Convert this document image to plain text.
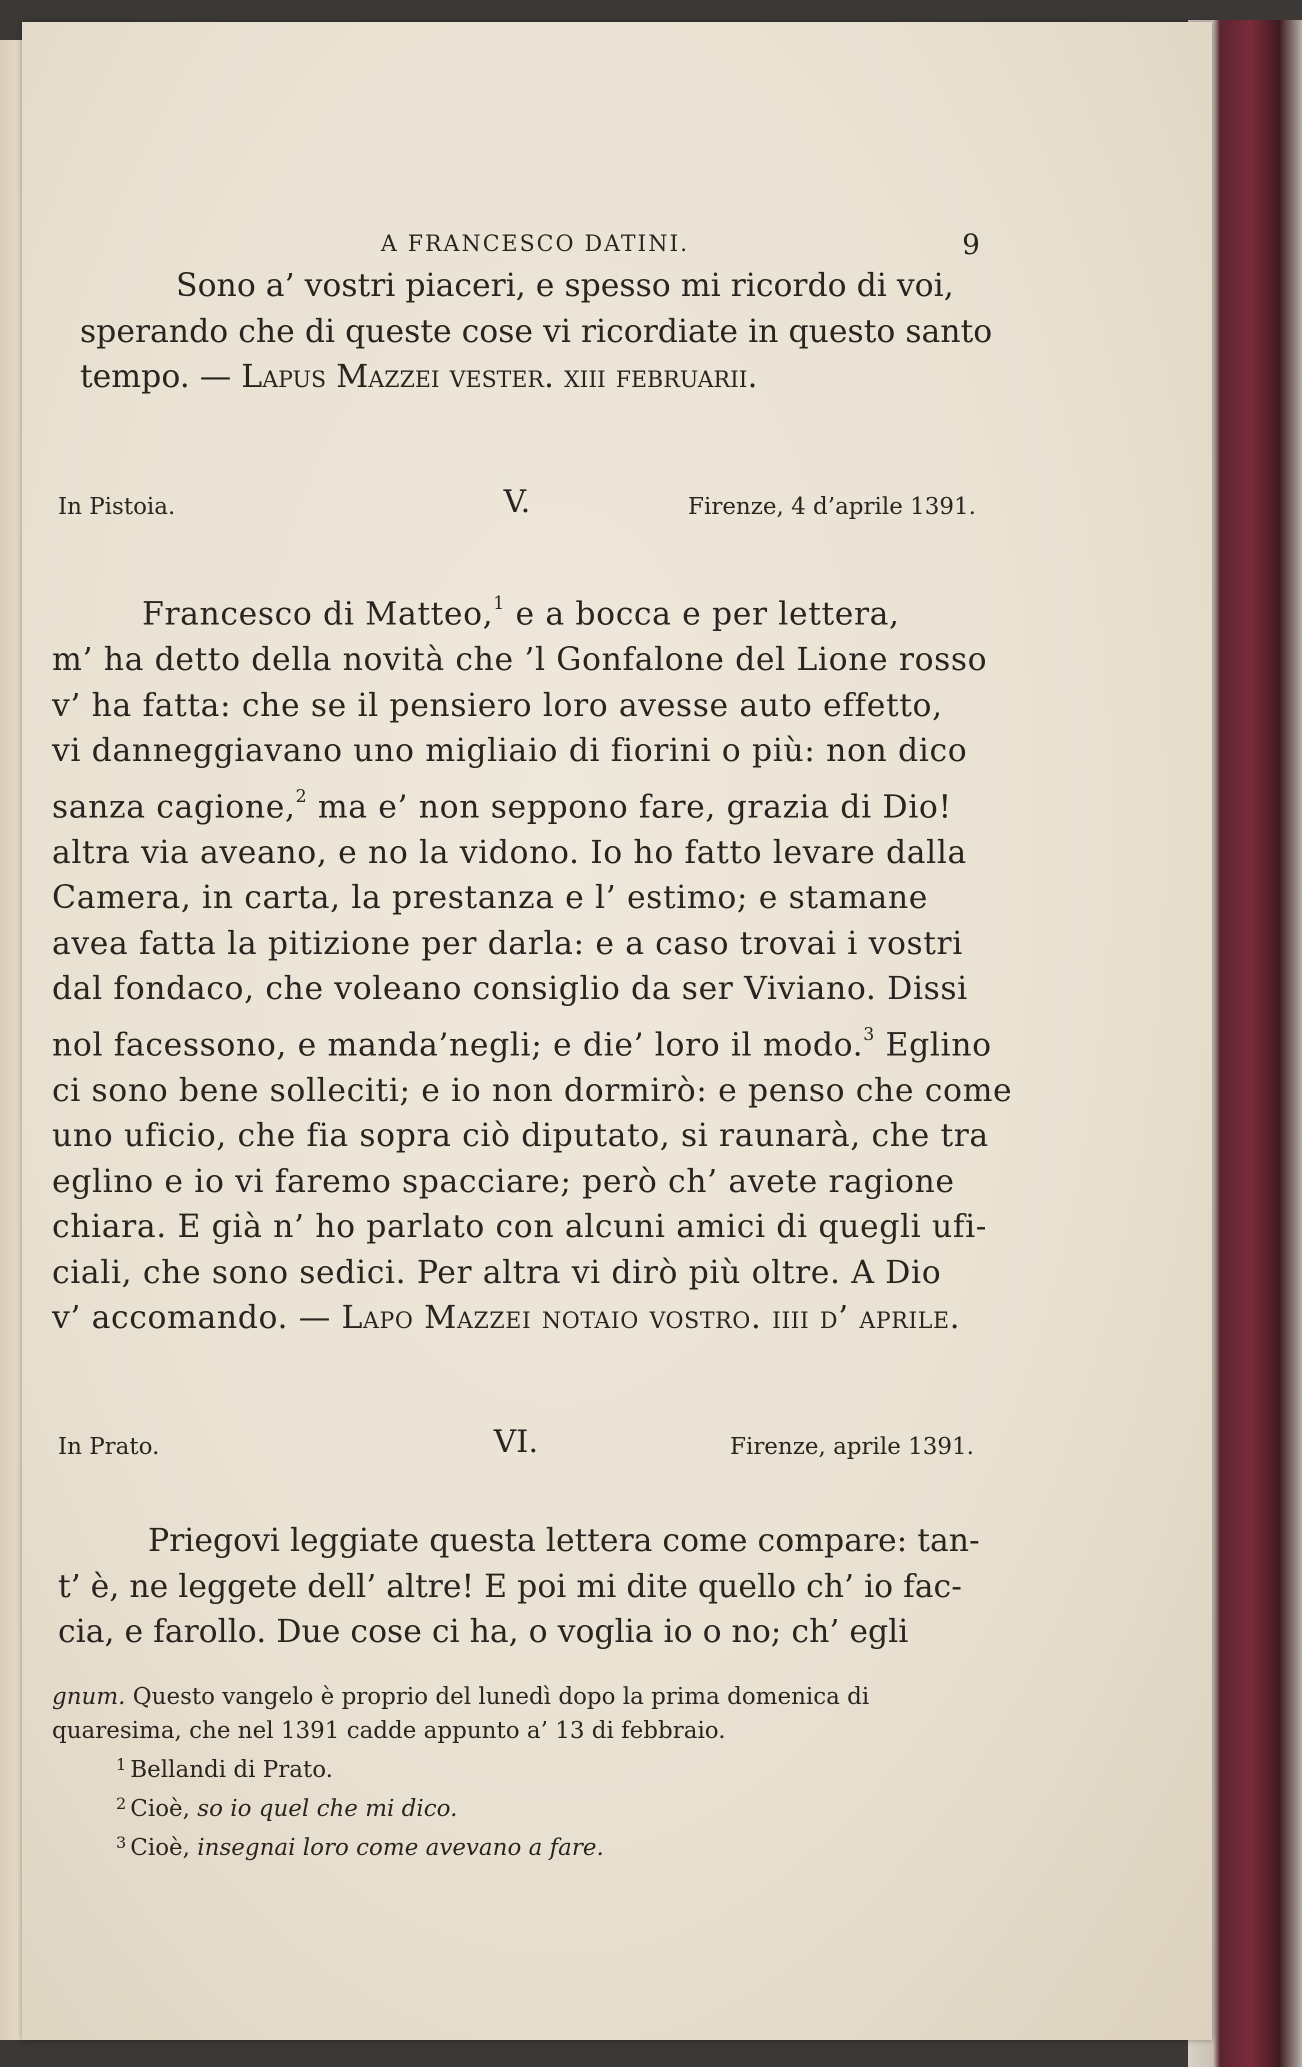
A FRANCESCO DATINI.	9
Sono a’ vostri piaceri, e spesso mi ricordo di voi,
sperando che di queste cose vi ricordiate in questo santo
tempo. — Lapus Mazzei vester. xiii februarii.
In Pistoia.	V.	Firenze, 4 d’aprile 1391.
Francesco di Matteo,$^1$ e a bocca e per lettera,
m’ ha detto della novità che ’l Gonfalone del Lione rosso
v’ ha fatta: che se il pensiero loro avesse auto effetto,
vi danneggiavano uno migliaio di fiorini o più: non dico
sanza cagione,$^2$ ma e’ non seppono fare, grazia di Dio!
altra via aveano, e no la vidono. Io ho fatto levare dalla
Camera, in carta, la prestanza e l’ estimo; e stamane
avea fatta la pitizione per darla: e a caso trovai i vostri
dal fondaco, che voleano consiglio da ser Viviano. Dissi
nol facessono, e manda’negli; e die’ loro il modo.$^3$ Eglino
ci sono bene solleciti; e io non dormirò: e penso che come
uno uficio, che fia sopra ciò diputato, si raunarà, che tra
eglino e io vi faremo spacciare; però ch’ avete ragione
chiara. E già n’ ho parlato con alcuni amici di quegli ufi-
ciali, che sono sedici. Per altra vi dirò più oltre. A Dio
v’ accomando. — Lapo Mazzei notaio vostro. iiii d’ aprile.
In Prato.	VI.	Firenze, aprile 1391.
Priegovi leggiate questa lettera come compare: tan-
t’ è, ne leggete dell’ altre! E poi mi dite quello ch’ io fac-
cia, e farollo. Due cose ci ha, o voglia io o no; ch’ egli
gnum. Questo vangelo è proprio del lunedì dopo la prima domenica di
quaresima, che nel 1391 cadde appunto a’ 13 di febbraio.
$^1$ Bellandi di Prato.
$^2$ Cioè, so io quel che mi dico.
$^3$ Cioè, insegnai loro come avevano a fare.
